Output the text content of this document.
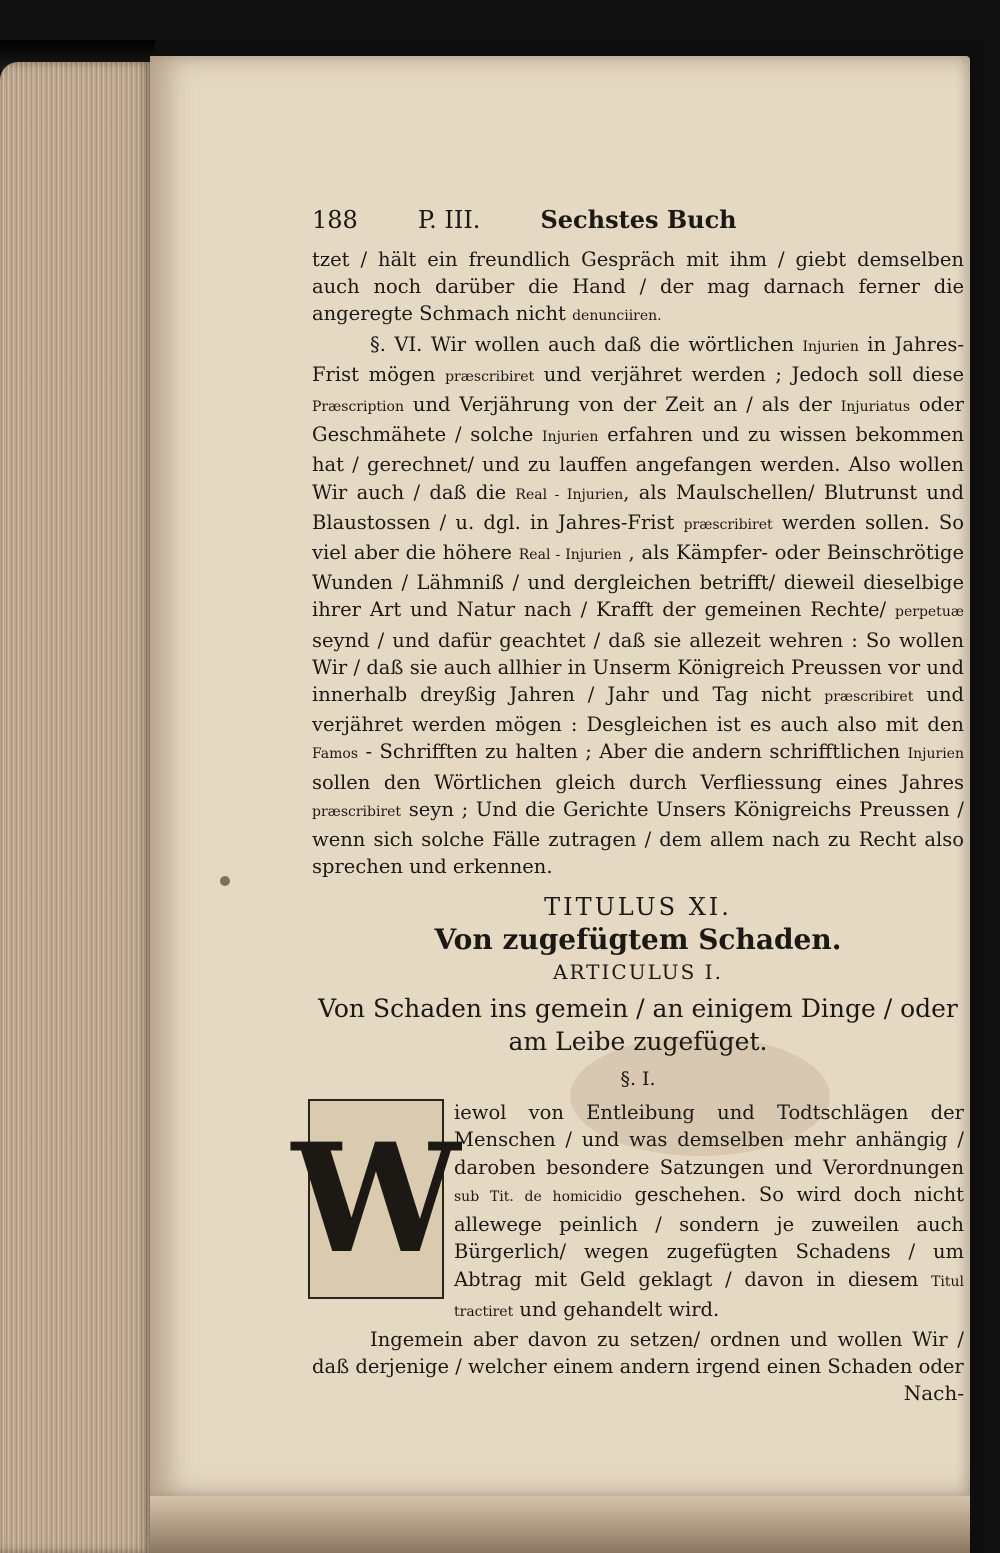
188	P. III.	Sechstes Buch

tzet / hält ein freundlich Gespräch mit ihm / giebt demselben auch noch darüber die Hand / der mag darnach ferner die angeregte Schmach nicht denunciiren.

§. VI. Wir wollen auch daß die wörtlichen Injurien in Jahres-Frist mögen præscribiret und verjähret werden ; Jedoch soll diese Præscription und Verjährung von der Zeit an / als der Injuriatus oder Geschmähete / solche Injurien erfahren und zu wissen bekommen hat / gerechnet/ und zu lauffen angefangen werden. Also wollen Wir auch / daß die Real - Injurien, als Maulschellen/ Blutrunst und Blaustossen / u. dgl. in Jahres-Frist præscribiret werden sollen. So viel aber die höhere Real - Injurien , als Kämpfer- oder Beinschrötige Wunden / Lähmniß / und dergleichen betrifft/ dieweil dieselbige ihrer Art und Natur nach / Krafft der gemeinen Rechte/ perpetuæ seynd / und dafür geachtet / daß sie allezeit wehren : So wollen Wir / daß sie auch allhier in Unserm Königreich Preussen vor und innerhalb dreyßig Jahren / Jahr und Tag nicht præscribiret und verjähret werden mögen : Desgleichen ist es auch also mit den Famos - Schrifften zu halten ; Aber die andern schrifftlichen Injurien sollen den Wörtlichen gleich durch Verfliessung eines Jahres præscribiret seyn ; Und die Gerichte Unsers Königreichs Preussen / wenn sich solche Fälle zutragen / dem allem nach zu Recht also sprechen und erkennen.

TITULUS XI.
Von zugefügtem Schaden.
ARTICULUS I.
Von Schaden ins gemein / an einigem Dinge / oder am Leibe zugefüget.
§. I.
W

iewol von Entleibung und Todtschlägen der Menschen / und was demselben mehr anhängig / daroben besondere Satzungen und Verordnungen sub Tit. de homicidio geschehen. So wird doch nicht allewege peinlich / sondern je zuweilen auch Bürgerlich/ wegen zugefügten Schadens / um Abtrag mit Geld geklagt / davon in diesem Titul tractiret und gehandelt wird.

Ingemein aber davon zu setzen/ ordnen und wollen Wir / daß derjenige / welcher einem andern irgend einen Schaden oder

Nach-
